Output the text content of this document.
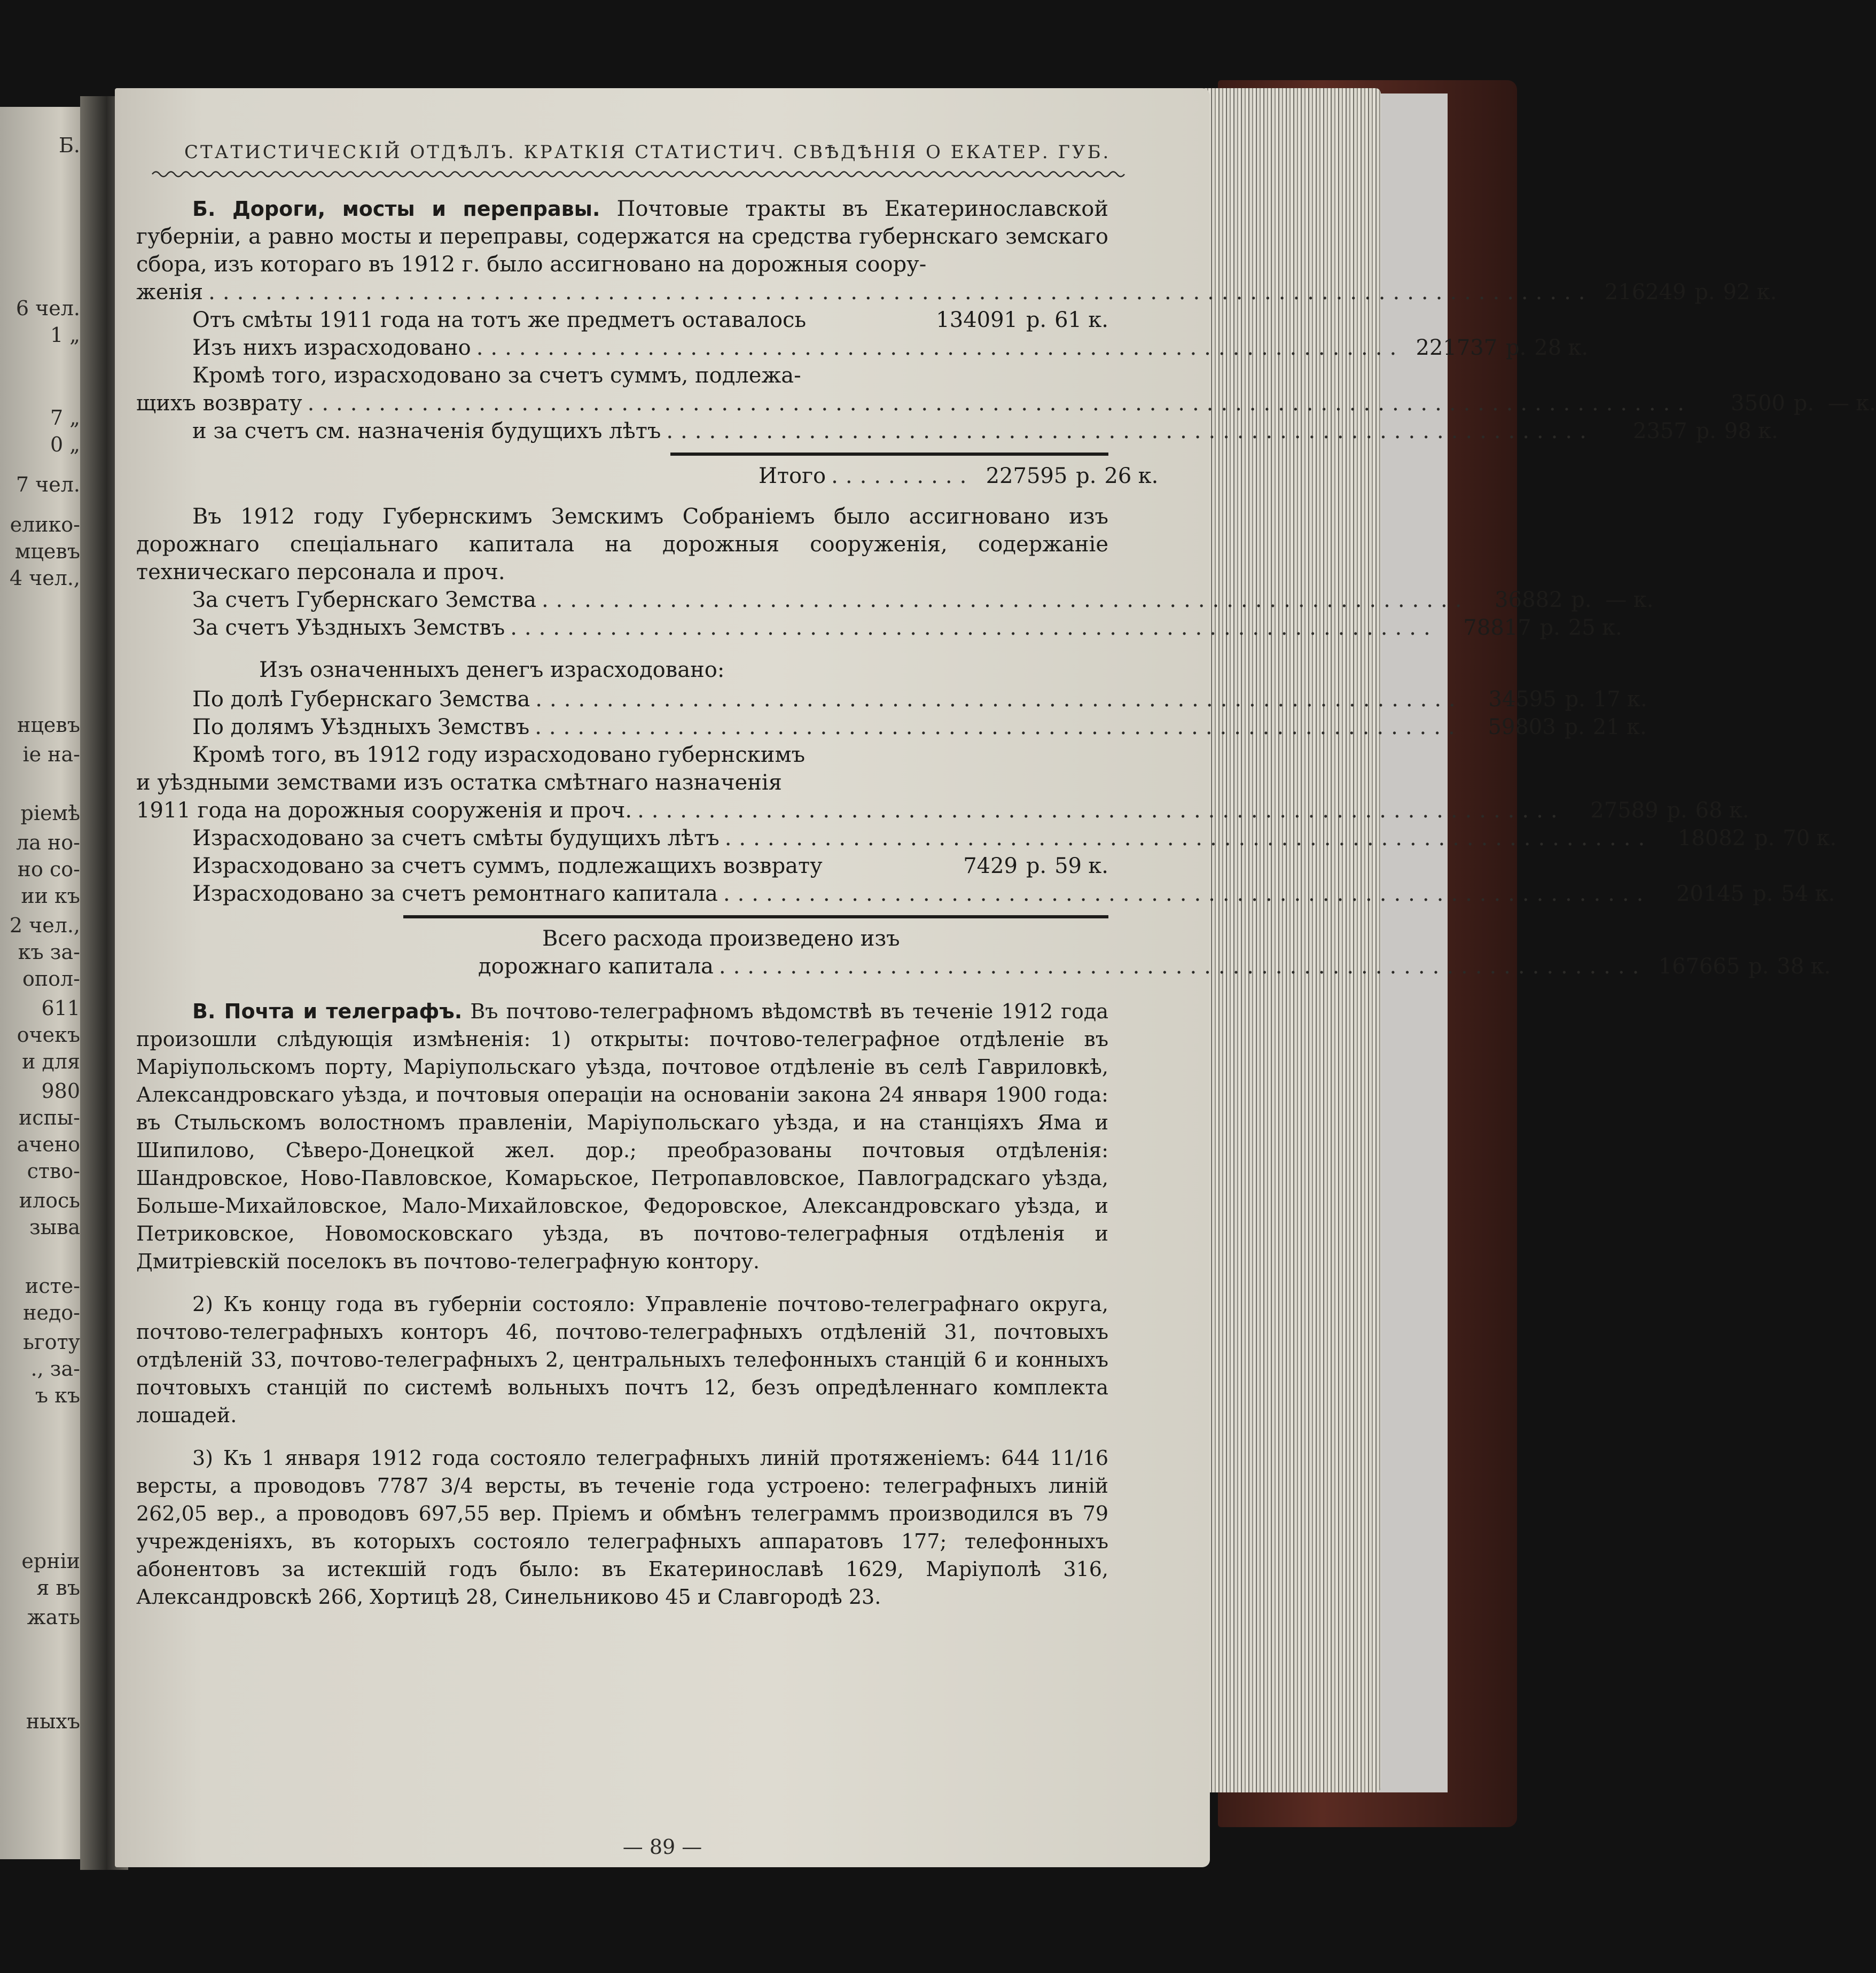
Б.
6 чел.
1 „
7 „
0 „
7 чел.
елико-
мцевъ
4 чел.,
нцевъ
iе на-
рiемѣ
ла но-
но со-
ии къ
2 чел.,
къ за-
опол-
611
очекъ
и для
980
испы-
ачено
ство-
илось
зыва
исте-
недо-
ьготу
., за-
ъ къ
ерніи
я въ
жать
ныхъ
СТАТИСТИЧЕСКІЙ ОТДѢЛЪ. КРАТКІЯ СТАТИСТИЧ. СВѢДѢНІЯ О ЕКАТЕР. ГУБ.
Б. Дороги, мосты и переправы. Почтовые тракты въ Екатеринославской губерніи, а равно мосты и переправы, содержатся на средства губернскаго земскаго сбора, изъ котораго въ 1912 г. было ассигновано на дорожныя соору-
женія ................................................................................................. 216249 р. 92 к.
Отъ смѣты 1911 года на тотъ же предметъ оставалось	134091 р. 61 к.
Изъ нихъ израсходовано ................................................................. 221737 р. 28 к.
Кромѣ того, израсходовано за счетъ суммъ, подлежа-
щихъ возврату .................................................................................................	3500 р. — к.
и за счетъ см. назначенія будущихъ лѣтъ .................................................................	2357 р. 98 к.
Итого .......... 227595 р. 26 к.
Въ 1912 году Губернскимъ Земскимъ Собраніемъ было ассигновано изъ дорожнаго спеціальнаго капитала на дорожныя сооруженія, содержаніе техническаго персонала и проч.
За счетъ Губернскаго Земства .................................................................	36882 р. — к.
За счетъ Уѣздныхъ Земствъ .................................................................	78817 р. 25 к.
Изъ означенныхъ денегъ израсходовано:
По долѣ Губернскаго Земства .................................................................	34595 р. 17 к.
По долямъ Уѣздныхъ Земствъ .................................................................	59803 р. 21 к.
Кромѣ того, въ 1912 году израсходовано губернскимъ
и уѣздными земствами изъ остатка смѣтнаго назначенія
1911 года на дорожныя сооруженія и проч. .................................................................	27589 р. 68 к.
Израсходовано за счетъ смѣты будущихъ лѣтъ .................................................................	18082 р. 70 к.
Израсходовано за счетъ суммъ, подлежащихъ возврату	7429 р. 59 к.
Израсходовано за счетъ ремонтнаго капитала .................................................................	20145 р. 54 к.
Всего расхода произведено изъ
дорожнаго капитала ................................................................. 167665 р. 38 к.
В. Почта и телеграфъ. Въ почтово-телеграфномъ вѣдомствѣ въ теченіе 1912 года произошли слѣдующія измѣненія: 1) открыты: почтово-телеграфное отдѣленіе въ Маріупольскомъ порту, Маріупольскаго уѣзда, почтовое отдѣленіе въ селѣ Гавриловкѣ, Александровскаго уѣзда, и почтовыя операціи на основаніи закона 24 января 1900 года: въ Стыльскомъ волостномъ правленіи, Маріупольскаго уѣзда, и на станціяхъ Яма и Шипилово, Сѣверо-Донецкой жел. дор.; преобразованы почтовыя отдѣленія: Шандровское, Ново-Павловское, Комарьское, Петропавловское, Павлоградскаго уѣзда, Больше-Михайловское, Мало-Михайловское, Федоровское, Александровскаго уѣзда, и Петриковское, Новомосковскаго уѣзда, въ почтово-телеграфныя отдѣленія и Дмитріевскій поселокъ въ почтово-телеграфную контору.
2) Къ концу года въ губерніи состояло: Управленіе почтово-телеграфнаго округа, почтово-телеграфныхъ конторъ 46, почтово-телеграфныхъ отдѣленій 31, почтовыхъ отдѣленій 33, почтово-телеграфныхъ 2, центральныхъ телефонныхъ станцій 6 и конныхъ почтовыхъ станцій по системѣ вольныхъ почтъ 12, безъ опредѣленнаго комплекта лошадей.
3) Къ 1 января 1912 года состояло телеграфныхъ линій протяженіемъ: 644 11/16 версты, а проводовъ 7787 3/4 версты, въ теченіе года устроено: телеграфныхъ линій 262,05 вер., а проводовъ 697,55 вер. Пріемъ и обмѣнъ телеграммъ производился въ 79 учрежденіяхъ, въ которыхъ состояло телеграфныхъ аппаратовъ 177; телефонныхъ абонентовъ за истекшій годъ было: въ Екатеринославѣ 1629, Маріуполѣ 316, Александровскѣ 266, Хортицѣ 28, Синельниково 45 и Славгородѣ 23.
— 89 —
